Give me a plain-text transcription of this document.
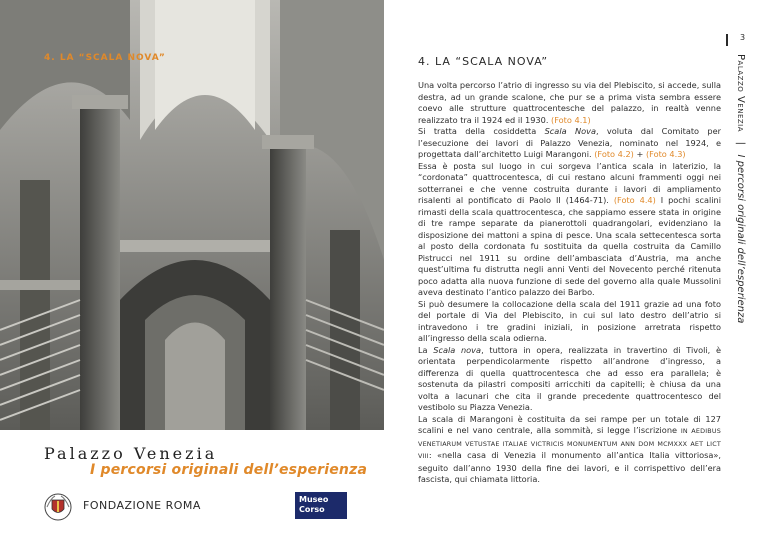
4. LA “SCALA NOVA”
Palazzo Venezia
I percorsi originali dell’esperienza
FONDAZIONE ROMA	Museo
Corso
3
Palazzo Venezia   |   I percorsi originali dell’esperienza
4. LA “SCALA NOVA”

Una volta percorso l’atrio di ingresso su via del Plebiscito, si accede, sulla destra, ad un grande scalone, che pur se a prima vista sembra essere coevo alle strutture quattrocentesche del palazzo, in realtà venne realizzato tra il 1924 ed il 1930. (Foto 4.1)

Si tratta della cosiddetta Scala Nova, voluta dal Comitato per l’esecuzione dei lavori di Palazzo Venezia, nominato nel 1924, e progettata dall’architetto Luigi Marangoni. (Foto 4.2) + (Foto 4.3)

Essa è posta sul luogo in cui sorgeva l’antica scala in laterizio, la “cordonata” quattrocentesca, di cui restano alcuni frammenti oggi nei sotterranei e che venne costruita durante i lavori di ampliamento risalenti al pontificato di Paolo II (1464-71). (Foto 4.4) I pochi scalini rimasti della scala quattrocentesca, che sappiamo essere stata in origine di tre rampe separate da pianerottoli quadrangolari, evidenziano la disposizione dei mattoni a spina di pesce. Una scala settecentesca sorta al posto della cordonata fu sostituita da quella costruita da Camillo Pistrucci nel 1911 su ordine dell’ambasciata d’Austria, ma anche quest’ultima fu distrutta negli anni Venti del Novecento perché ritenuta poco adatta alla nuova funzione di sede del governo alla quale Mussolini aveva destinato l’antico palazzo dei Barbo.

Si può desumere la collocazione della scala del 1911 grazie ad una foto del portale di Via del Plebiscito, in cui sul lato destro dell’atrio si intravedono i tre gradini iniziali, in posizione arretrata rispetto all’ingresso della scala odierna.

La Scala nova, tuttora in opera, realizzata in travertino di Tivoli, è orientata perpendicolarmente rispetto all’androne d’ingresso, a differenza di quella quattrocentesca che ad esso era parallela; è sostenuta da pilastri compositi arricchiti da capitelli; è chiusa da una volta a lacunari che cita il grande precedente quattrocentesco del vestibolo su Piazza Venezia.

La scala di Marangoni è costituita da sei rampe per un totale di 127 scalini e nel vano centrale, alla sommità, si legge l’iscrizione IN AEDIBUS VENETIARUM VETUSTAE ITALIAE VICTRICIS MONUMENTUM ANN DOM MCMXXX AET LICT VIII: «nella casa di Venezia il monumento all’antica Italia vittoriosa», seguito dall’anno 1930 della fine dei lavori, e il corrispettivo dell’era fascista, qui chiamata littoria.
